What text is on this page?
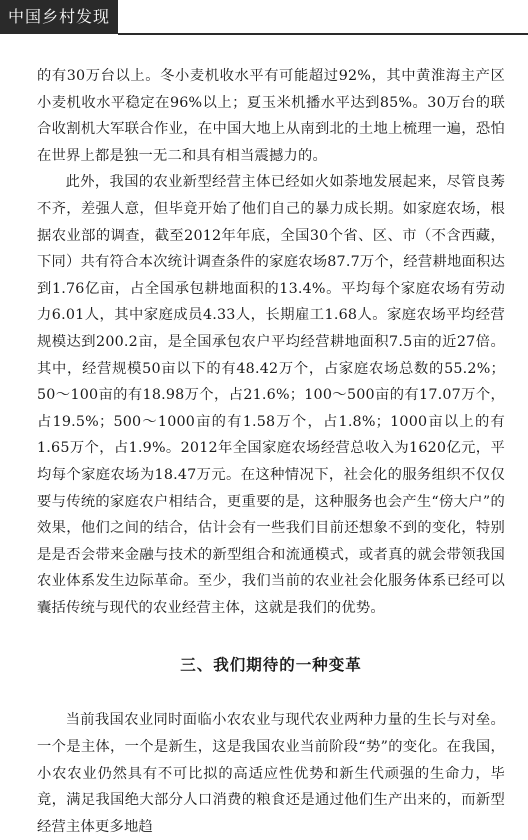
中国乡村发现

的有30万台以上。冬小麦机收水平有可能超过92%，其中黄淮海主产区小麦机收水平稳定在96%以上；夏玉米机播水平达到85%。30万台的联合收割机大军联合作业，在中国大地上从南到北的土地上梳理一遍，恐怕在世界上都是独一无二和具有相当震撼力的。

此外，我国的农业新型经营主体已经如火如荼地发展起来，尽管良莠不齐，差强人意，但毕竟开始了他们自己的暴力成长期。如家庭农场，根据农业部的调查，截至2012年年底，全国30个省、区、市（不含西藏，下同）共有符合本次统计调查条件的家庭农场87.7万个，经营耕地面积达到1.76亿亩，占全国承包耕地面积的13.4%。平均每个家庭农场有劳动力6.01人，其中家庭成员4.33人，长期雇工1.68人。家庭农场平均经营规模达到200.2亩，是全国承包农户平均经营耕地面积7.5亩的近27倍。其中，经营规模50亩以下的有48.42万个，占家庭农场总数的55.2%；50～100亩的有18.98万个，占21.6%；100～500亩的有17.07万个，占19.5%；500～1000亩的有1.58万个，占1.8%；1000亩以上的有1.65万个，占1.9%。2012年全国家庭农场经营总收入为1620亿元，平均每个家庭农场为18.47万元。在这种情况下，社会化的服务组织不仅仅要与传统的家庭农户相结合，更重要的是，这种服务也会产生“傍大户”的效果，他们之间的结合，估计会有一些我们目前还想象不到的变化，特别是是否会带来金融与技术的新型组合和流通模式，或者真的就会带领我国农业体系发生边际革命。至少，我们当前的农业社会化服务体系已经可以囊括传统与现代的农业经营主体，这就是我们的优势。

三、我们期待的一种变革

当前我国农业同时面临小农农业与现代农业两种力量的生长与对垒。一个是主体，一个是新生，这是我国农业当前阶段“势”的变化。在我国，小农农业仍然具有不可比拟的高适应性优势和新生代顽强的生命力，毕竟，满足我国绝大部分人口消费的粮食还是通过他们生产出来的，而新型经营主体更多地趋
